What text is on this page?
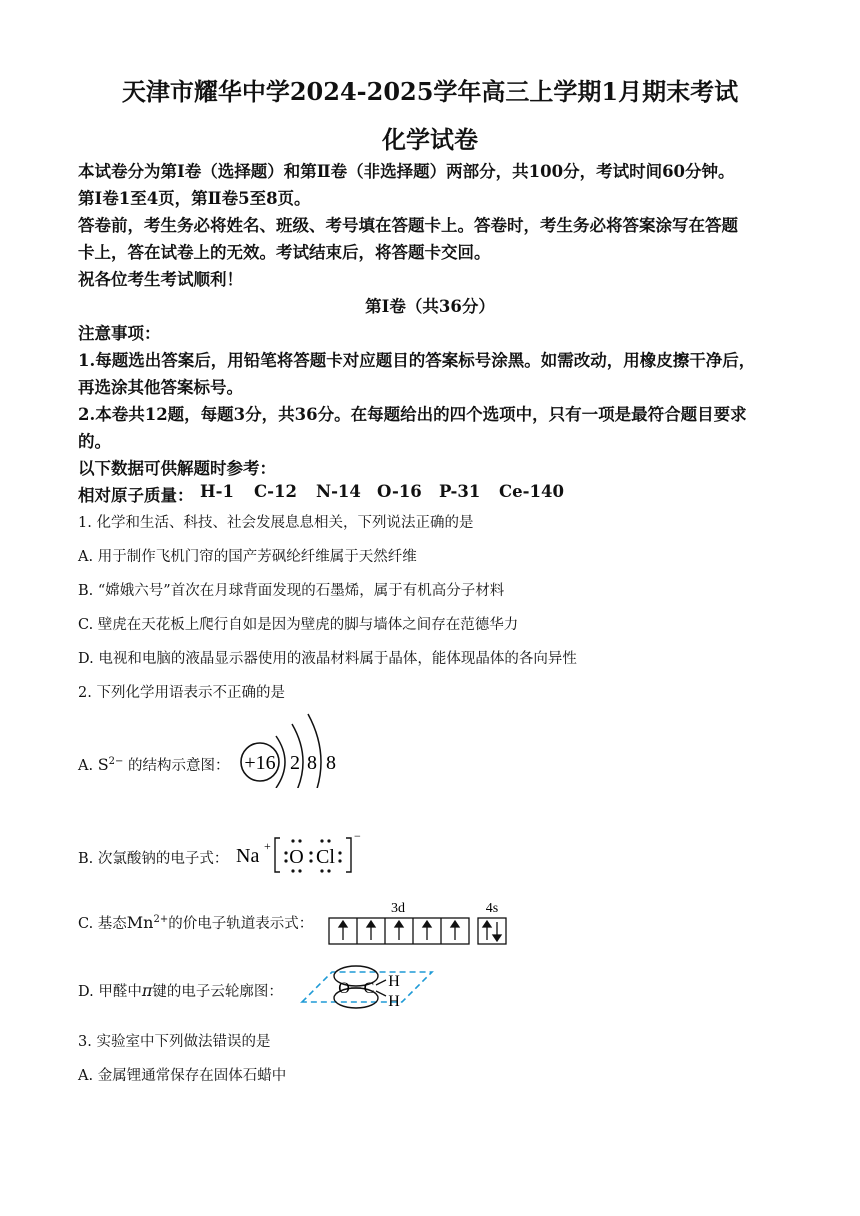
天津市耀华中学2024-2025学年高三上学期1月期末考试
化学试卷
本试卷分为第Ⅰ卷（选择题）和第Ⅱ卷（非选择题）两部分，共100分，考试时间60分钟。
第Ⅰ卷1至4页，第Ⅱ卷5至8页。
答卷前，考生务必将姓名、班级、考号填在答题卡上。答卷时，考生务必将答案涂写在答题
卡上，答在试卷上的无效。考试结束后，将答题卡交回。
祝各位考生考试顺利！
第Ⅰ卷（共36分）
注意事项：
1.每题选出答案后，用铅笔将答题卡对应题目的答案标号涂黑。如需改动，用橡皮擦干净后，
再选涂其他答案标号。
2.本卷共12题，每题3分，共36分。在每题给出的四个选项中，只有一项是最符合题目要求
的。
以下数据可供解题时参考：
相对原子质量： H-1 C-12 N-14 O-16 P-31 Ce-140
1. 化学和生活、科技、社会发展息息相关，下列说法正确的是
A. 用于制作飞机门帘的国产芳砜纶纤维属于天然纤维
B. “嫦娥六号”首次在月球背面发现的石墨烯，属于有机高分子材料
C. 壁虎在天花板上爬行自如是因为壁虎的脚与墙体之间存在范德华力
D. 电视和电脑的液晶显示器使用的液晶材料属于晶体，能体现晶体的各向异性
2. 下列化学用语表示不正确的是
A. $S^{2-}$ 的结构示意图： +16 2 8 8
B. 次氯酸钠的电子式： Na + O Cl
−
C. 基态$Mn^{2+}$的价电子轨道表示式：
3d	4s
D. 甲醛中π键的电子云轮廓图：	O C H
H
3. 实验室中下列做法错误的是
A. 金属锂通常保存在固体石蜡中
